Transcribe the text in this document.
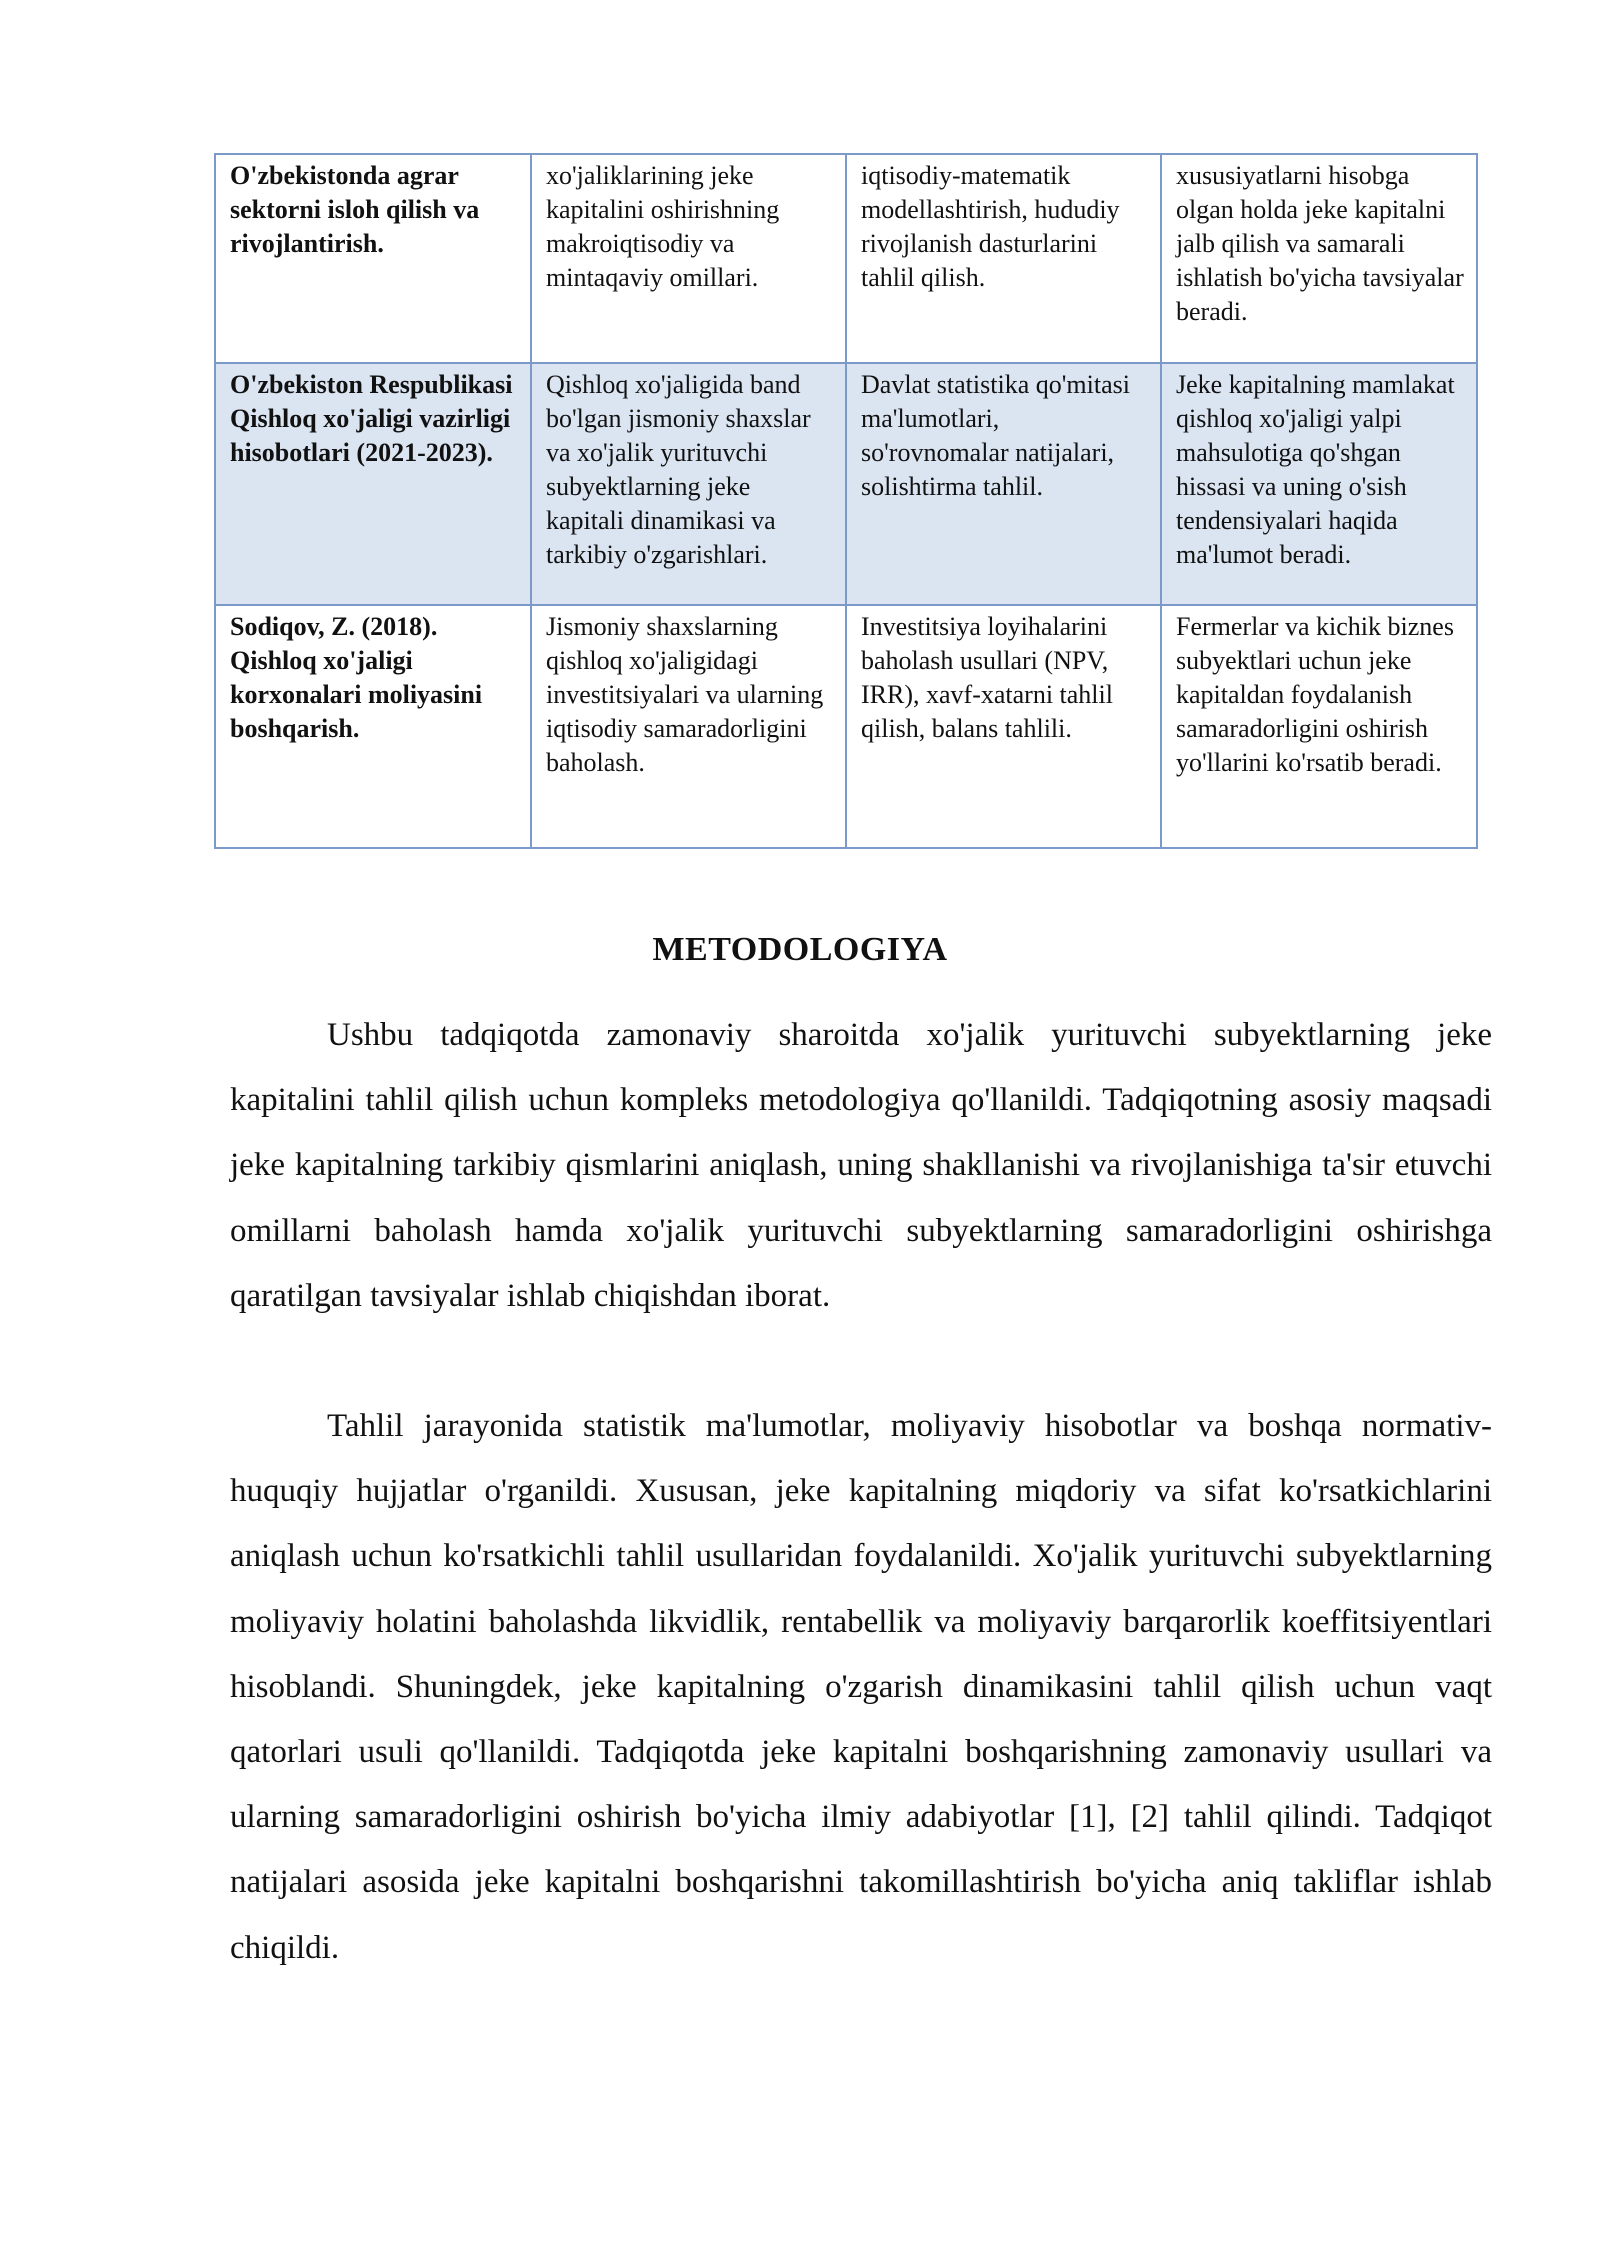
O'zbekistonda agrar sektorni isloh qilish va rivojlantirish.	xo'jaliklarining jeke kapitalini oshirishning makroiqtisodiy va mintaqaviy omillari.	iqtisodiy-matematik modellashtirish, hududiy rivojlanish dasturlarini tahlil qilish.	xususiyatlarni hisobga olgan holda jeke kapitalni jalb qilish va samarali ishlatish bo'yicha tavsiyalar beradi.
O'zbekiston Respublikasi Qishloq xo'jaligi vazirligi hisobotlari (2021-2023).	Qishloq xo'jaligida band bo'lgan jismoniy shaxslar va xo'jalik yurituvchi subyektlarning jeke kapitali dinamikasi va tarkibiy o'zgarishlari.	Davlat statistika qo'mitasi ma'lumotlari, so'rovnomalar natijalari, solishtirma tahlil.	Jeke kapitalning mamlakat qishloq xo'jaligi yalpi mahsulotiga qo'shgan hissasi va uning o'sish tendensiyalari haqida ma'lumot beradi.
Sodiqov, Z. (2018). Qishloq xo'jaligi korxonalari moliyasini boshqarish.	Jismoniy shaxslarning qishloq xo'jaligidagi investitsiyalari va ularning iqtisodiy samaradorligini baholash.	Investitsiya loyihalarini baholash usullari (NPV, IRR), xavf-xatarni tahlil qilish, balans tahlili.	Fermerlar va kichik biznes subyektlari uchun jeke kapitaldan foydalanish samaradorligini oshirish yo'llarini ko'rsatib beradi.
METODOLOGIYA

Ushbu tadqiqotda zamonaviy sharoitda xo'jalik yurituvchi subyektlarning jeke kapitalini tahlil qilish uchun kompleks metodologiya qo'llanildi. Tadqiqotning asosiy maqsadi jeke kapitalning tarkibiy qismlarini aniqlash, uning shakllanishi va rivojlanishiga ta'sir etuvchi omillarni baholash hamda xo'jalik yurituvchi subyektlarning samaradorligini oshirishga qaratilgan tavsiyalar ishlab chiqishdan iborat.

Tahlil jarayonida statistik ma'lumotlar, moliyaviy hisobotlar va boshqa normativ-huquqiy hujjatlar o'rganildi. Xususan, jeke kapitalning miqdoriy va sifat ko'rsatkichlarini aniqlash uchun ko'rsatkichli tahlil usullaridan foydalanildi. Xo'jalik yurituvchi subyektlarning moliyaviy holatini baholashda likvidlik, rentabellik va moliyaviy barqarorlik koeffitsiyentlari hisoblandi. Shuningdek, jeke kapitalning o'zgarish dinamikasini tahlil qilish uchun vaqt qatorlari usuli qo'llanildi. Tadqiqotda jeke kapitalni boshqarishning zamonaviy usullari va ularning samaradorligini oshirish bo'yicha ilmiy adabiyotlar [1], [2] tahlil qilindi. Tadqiqot natijalari asosida jeke kapitalni boshqarishni takomillashtirish bo'yicha aniq takliflar ishlab chiqildi.
